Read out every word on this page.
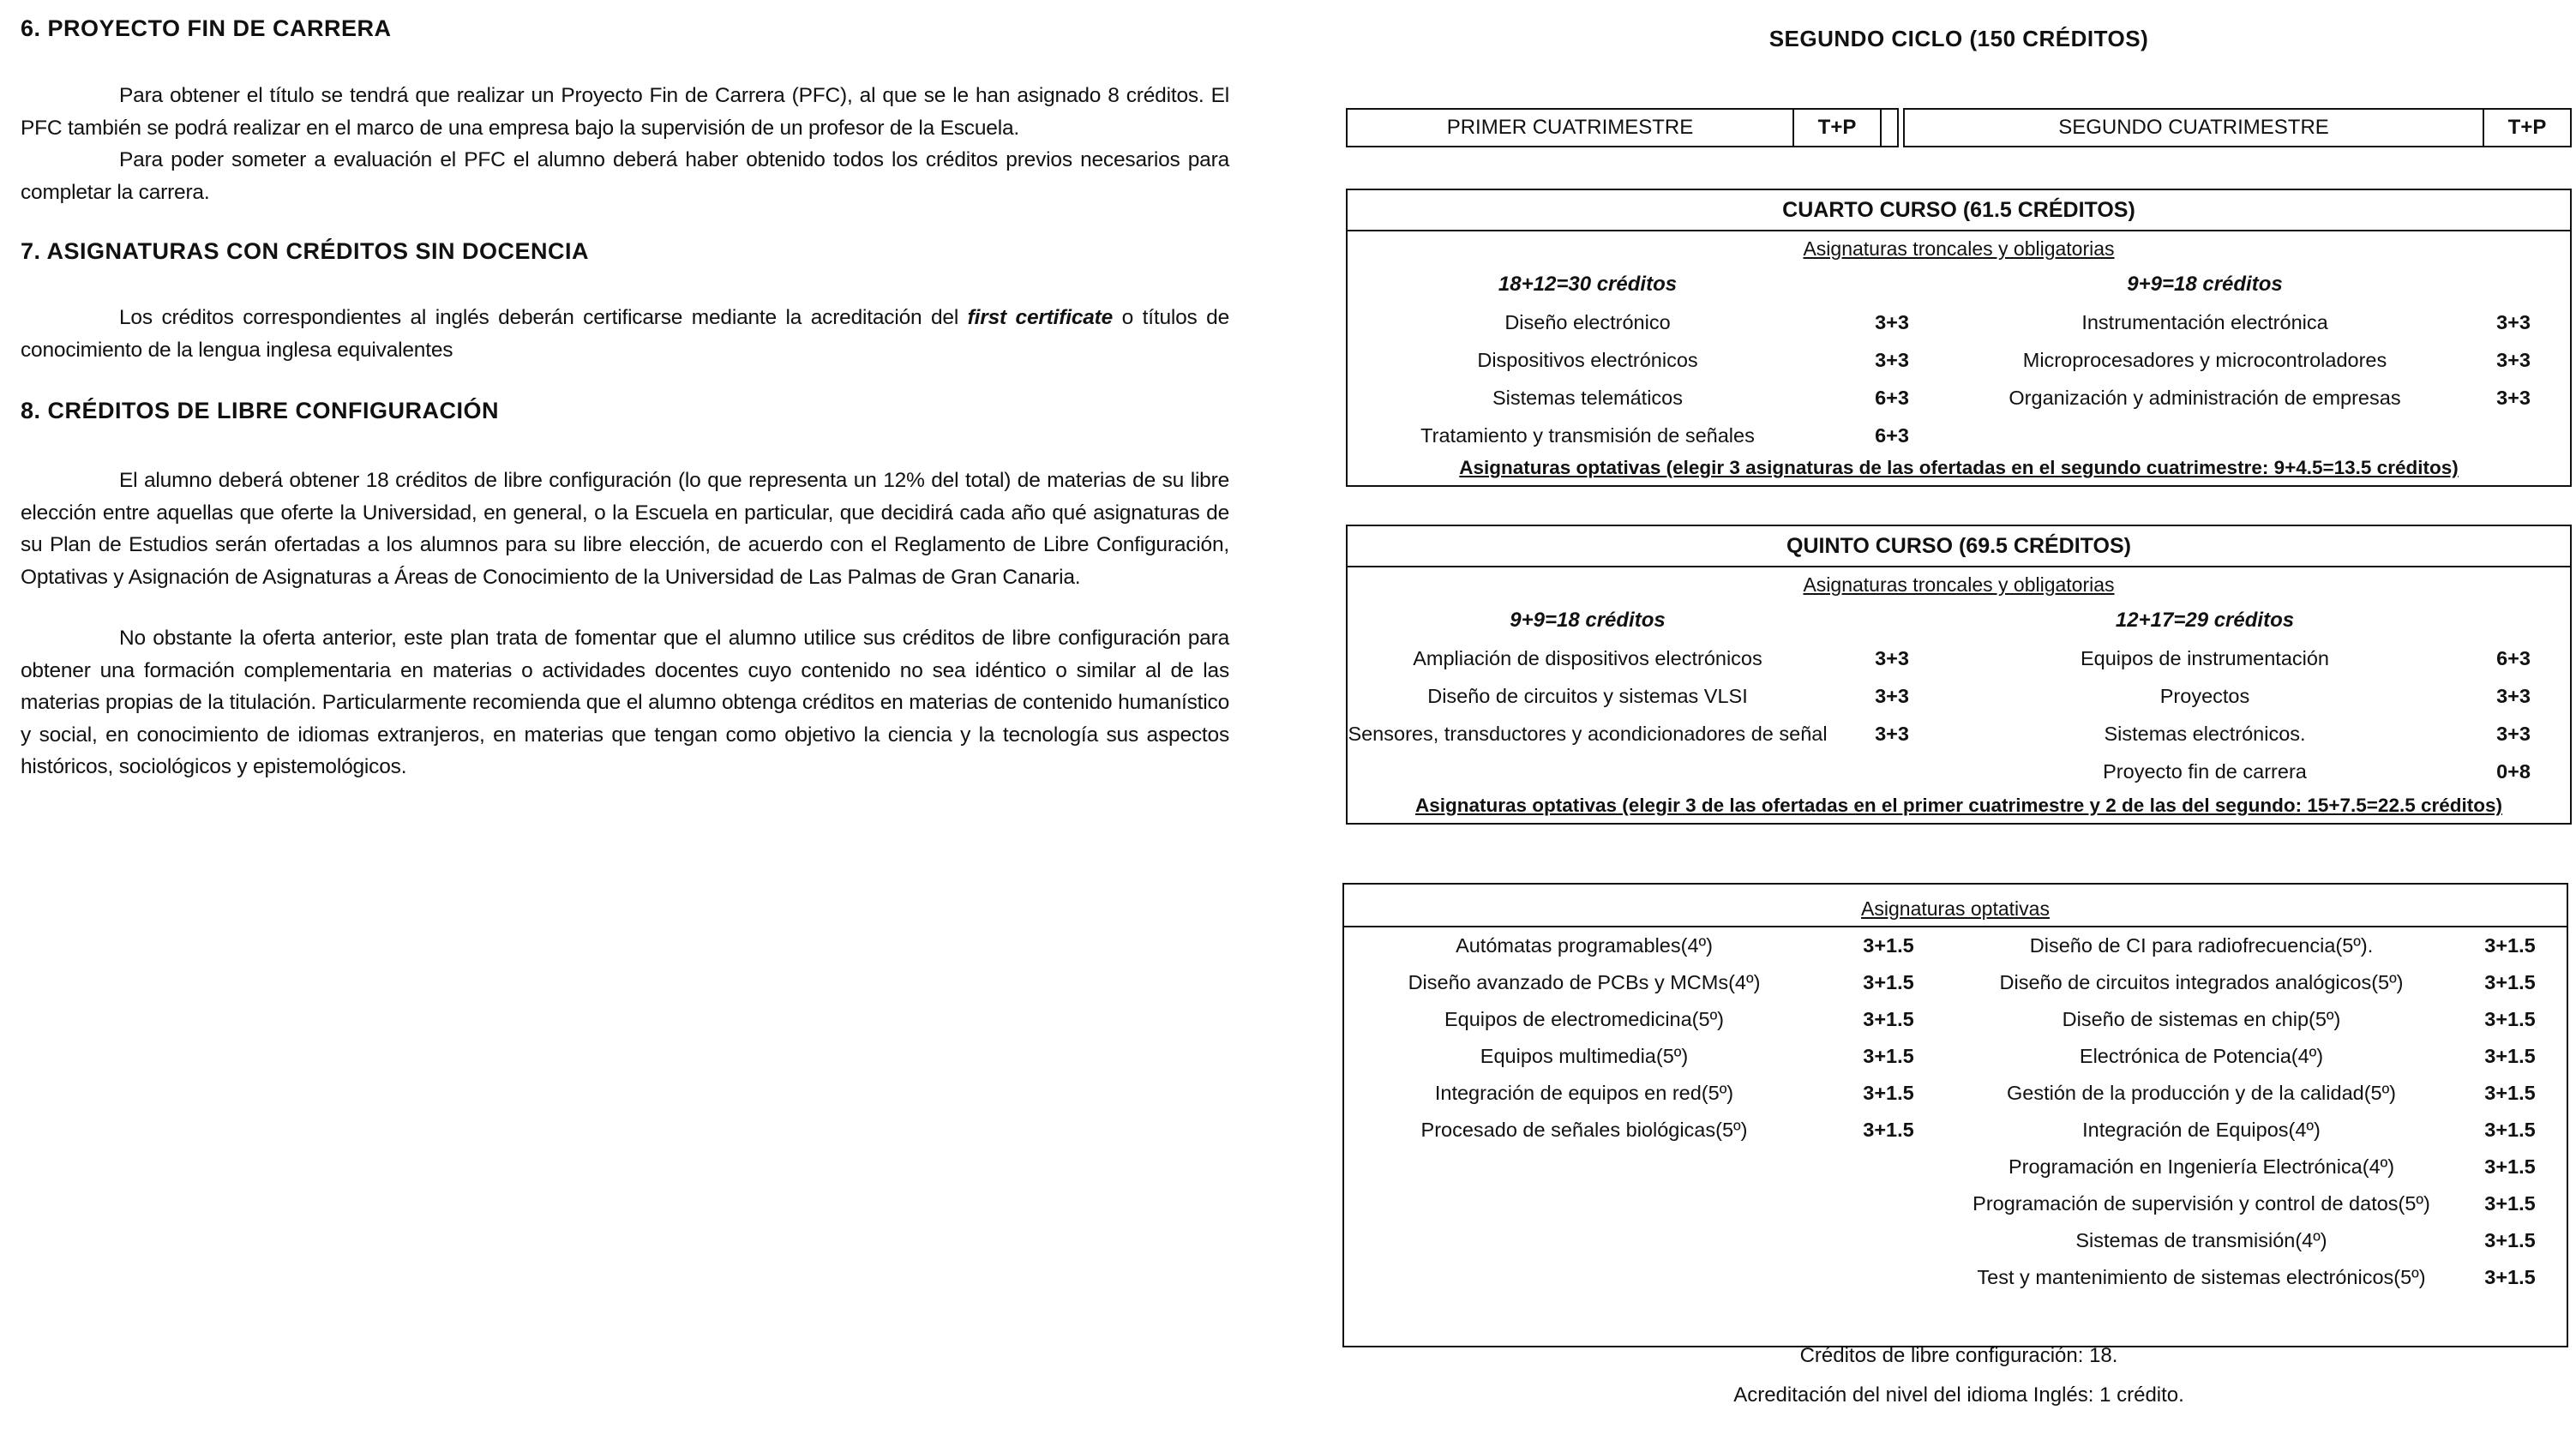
6. PROYECTO FIN DE CARRERA
Para obtener el título se tendrá que realizar un Proyecto Fin de Carrera (PFC), al que se le han asignado 8 créditos. El PFC también se podrá realizar en el marco de una empresa bajo la supervisión de un profesor de la Escuela.
Para poder someter a evaluación el PFC el alumno deberá haber obtenido todos los créditos previos necesarios para completar la carrera.
7. ASIGNATURAS CON CRÉDITOS SIN DOCENCIA
Los créditos correspondientes al inglés deberán certificarse mediante la acreditación del first certificate o títulos de conocimiento de la lengua inglesa equivalentes
8. CRÉDITOS DE LIBRE CONFIGURACIÓN
El alumno deberá obtener 18 créditos de libre configuración (lo que representa un 12% del total) de materias de su libre elección entre aquellas que oferte la Universidad, en general, o la Escuela en particular, que decidirá cada año qué asignaturas de su Plan de Estudios serán ofertadas a los alumnos para su libre elección, de acuerdo con el Reglamento de Libre Configuración, Optativas y Asignación de Asignaturas a Áreas de Conocimiento de la Universidad de Las Palmas de Gran Canaria.
No obstante la oferta anterior, este plan trata de fomentar que el alumno utilice sus créditos de libre configuración para obtener una formación complementaria en materias o actividades docentes cuyo contenido no sea idéntico o similar al de las materias propias de la titulación. Particularmente recomienda que el alumno obtenga créditos en materias de contenido humanístico y social, en conocimiento de idiomas extranjeros, en materias que tengan como objetivo la ciencia y la tecnología sus aspectos históricos, sociológicos y epistemológicos.
SEGUNDO CICLO (150 CRÉDITOS)
PRIMER CUATRIMESTRE	T+P	SEGUNDO CUATRIMESTRE	T+P
CUARTO CURSO (61.5 CRÉDITOS)
Asignaturas troncales y obligatorias
18+12=30 créditos
Diseño electrónico	3+3
Dispositivos electrónicos	3+3
Sistemas telemáticos	6+3
Tratamiento y transmisión de señales	6+3
9+9=18 créditos
Instrumentación electrónica	3+3
Microprocesadores y microcontroladores	3+3
Organización y administración de empresas	3+3
Asignaturas optativas (elegir 3 asignaturas de las ofertadas en el segundo cuatrimestre: 9+4.5=13.5 créditos)
QUINTO CURSO (69.5 CRÉDITOS)
Asignaturas troncales y obligatorias
9+9=18 créditos
Ampliación de dispositivos electrónicos	3+3
Diseño de circuitos y sistemas VLSI	3+3
Sensores, transductores y acondicionadores de señal	3+3
12+17=29 créditos
Equipos de instrumentación	6+3
Proyectos	3+3
Sistemas electrónicos.	3+3
Proyecto fin de carrera	0+8
Asignaturas optativas (elegir 3 de las ofertadas en el primer cuatrimestre y 2 de las del segundo: 15+7.5=22.5 créditos)
Asignaturas optativas
Autómatas programables(4º)	3+1.5
Diseño avanzado de PCBs y MCMs(4º)	3+1.5
Equipos de electromedicina(5º)	3+1.5
Equipos multimedia(5º)	3+1.5
Integración de equipos en red(5º)	3+1.5
Procesado de señales biológicas(5º)	3+1.5
Diseño de CI para radiofrecuencia(5º).	3+1.5
Diseño de circuitos integrados analógicos(5º)	3+1.5
Diseño de sistemas en chip(5º)	3+1.5
Electrónica de Potencia(4º)	3+1.5
Gestión de la producción y de la calidad(5º)	3+1.5
Integración de Equipos(4º)	3+1.5
Programación en Ingeniería Electrónica(4º)	3+1.5
Programación de supervisión y control de datos(5º)	3+1.5
Sistemas de transmisión(4º)	3+1.5
Test y mantenimiento de sistemas electrónicos(5º)	3+1.5
Créditos de libre configuración: 18.
Acreditación del nivel del idioma Inglés: 1 crédito.
